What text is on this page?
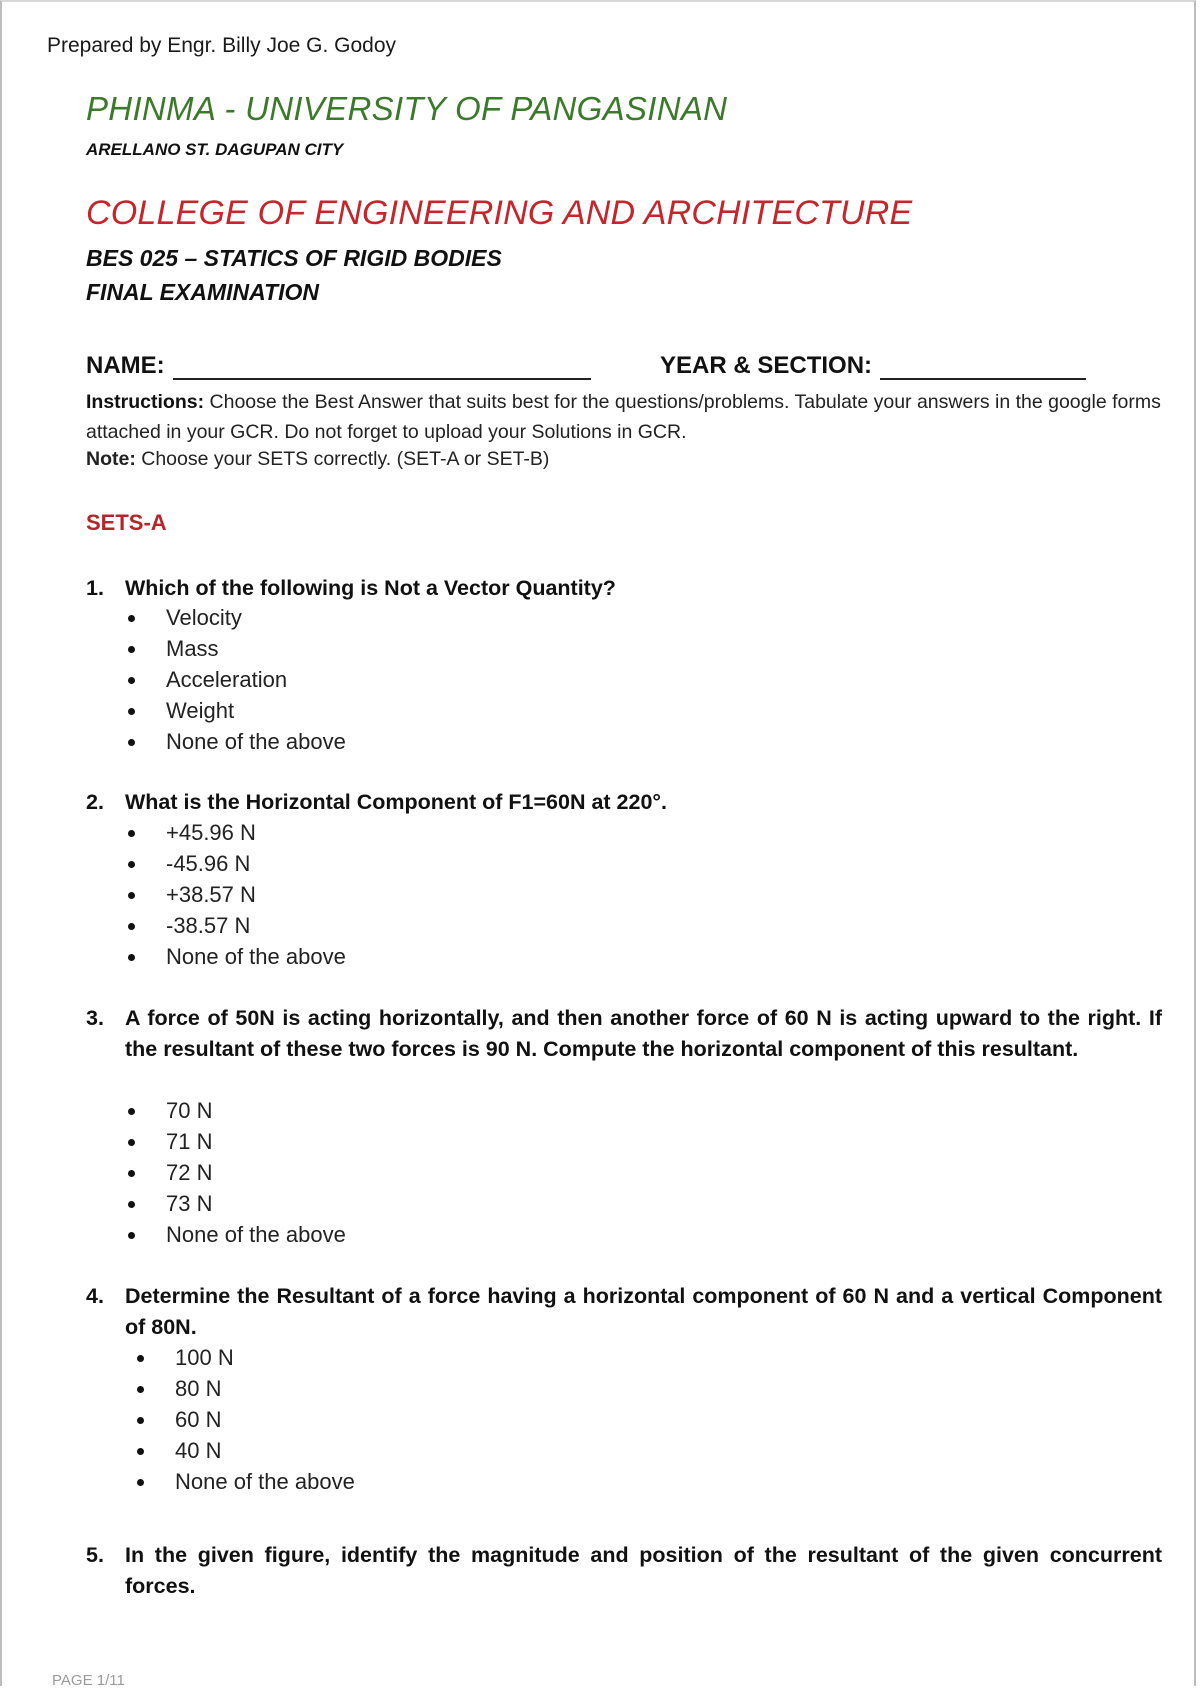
Prepared by Engr. Billy Joe G. Godoy
PHINMA - UNIVERSITY OF PANGASINAN
ARELLANO ST. DAGUPAN CITY
COLLEGE OF ENGINEERING AND ARCHITECTURE
BES 025 – STATICS OF RIGID BODIES
FINAL EXAMINATION
NAME:	YEAR & SECTION:
Instructions: Choose the Best Answer that suits best for the questions/problems. Tabulate your answers in the google forms attached in your GCR. Do not forget to upload your Solutions in GCR.
Note: Choose your SETS correctly. (SET-A or SET-B)
SETS-A
1. Which of the following is Not a Vector Quantity?
Velocity
Mass
Acceleration
Weight
None of the above
2. What is the Horizontal Component of F1=60N at 220°.
+45.96 N
-45.96 N
+38.57 N
-38.57 N
None of the above
3. A force of 50N is acting horizontally, and then another force of 60 N is acting upward to the right. If the resultant of these two forces is 90 N. Compute the horizontal component of this resultant.
70 N
71 N
72 N
73 N
None of the above
4. Determine the Resultant of a force having a horizontal component of 60 N and a vertical Component of 80N.
100 N
80 N
60 N
40 N
None of the above
5. In the given figure, identify the magnitude and position of the resultant of the given concurrent forces.
PAGE 1/11
